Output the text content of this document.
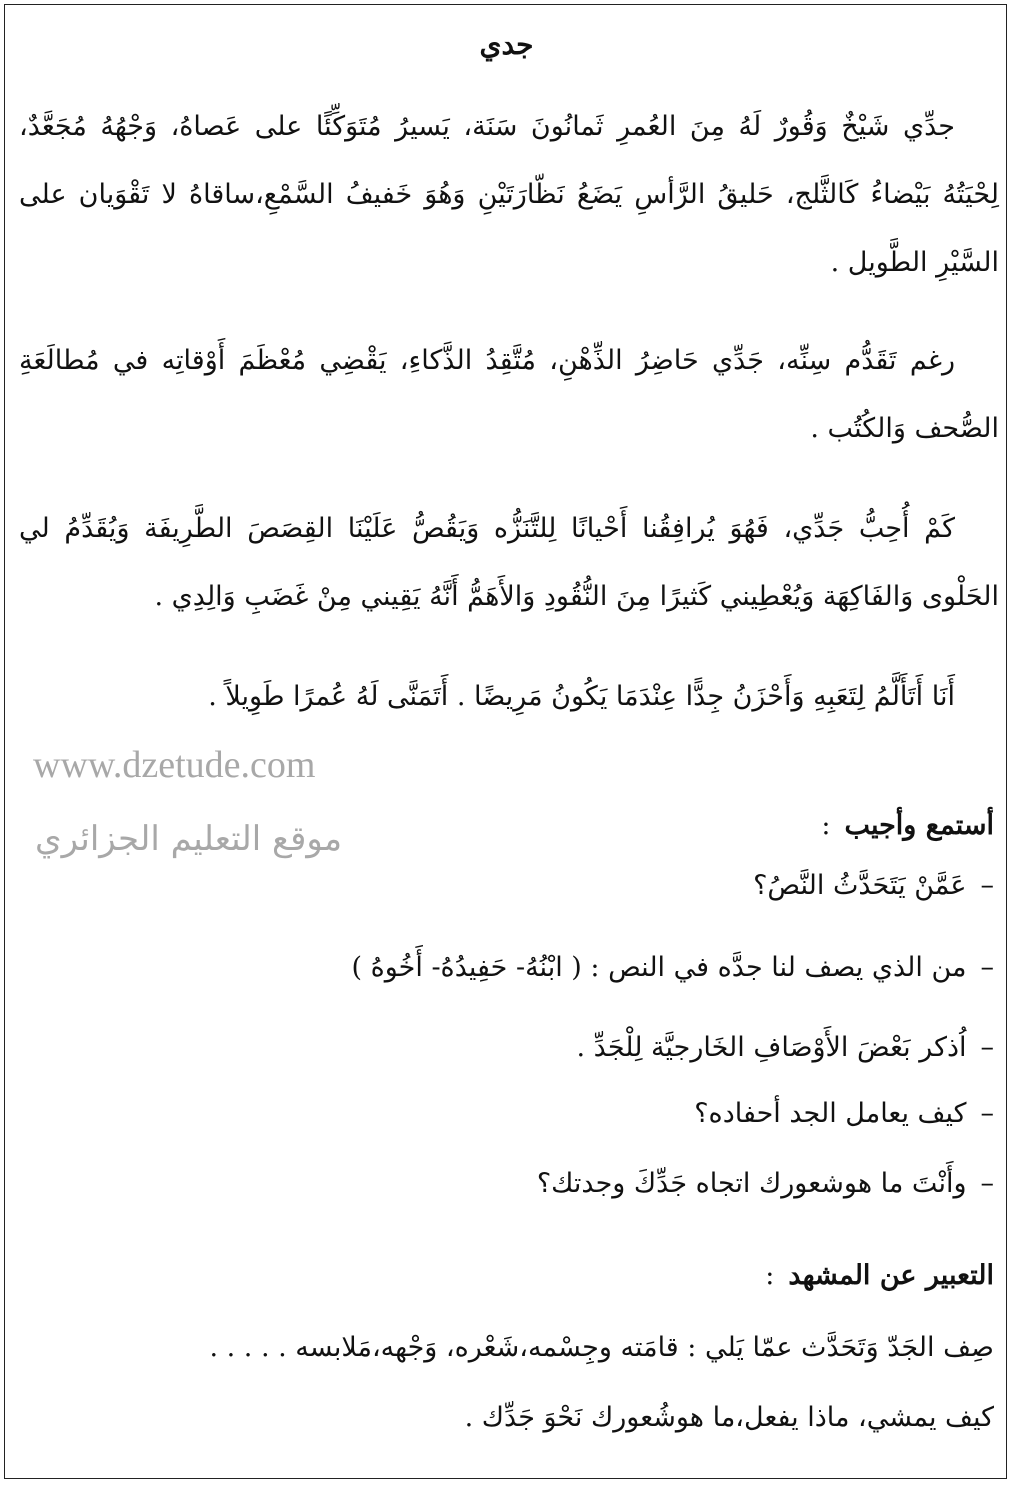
جدي

جدِّي شَيْخٌ وَقُورٌ لَهُ مِنَ العُمرِ ثَمانُونَ سَنَة، يَسيرُ مُتَوَكِّئًا على عَصاهُ، وَجْهُهُ مُجَعَّدٌ، لِحْيَتُهُ بَيْضاءُ كَالثَّلج، حَليقُ الرَّأسِ يَضَعُ نَظّارَتَيْنِ وَهُوَ خَفيفُ السَّمْعِ،ساقاهُ لا تَقْوَيان على السَّيْرِ الطَّويل .

رغم تَقَدُّم سِنِّه، جَدِّي حَاضِرُ الذِّهْنِ، مُتَّقِدُ الذَّكاءِ، يَقْضِي مُعْظَمَ أَوْقاتِه في مُطالَعَةِ الصُّحف وَالكُتُب .

كَمْ أُحِبُّ جَدِّي، فَهُوَ يُرافِقُنا أَحْيانًا لِلتَّنَزُّه وَيَقُصُّ عَلَيْنَا القِصَصَ الطَّرِيفَة وَيُقَدِّمُ لي الحَلْوى وَالفَاكِهَة وَيُعْطِيني كَثيرًا مِنَ النُّقُودِ وَالأَهَمُّ أَنَّهُ يَقِيني مِنْ غَضَبِ وَالِدِي .

أَنَا أَتَأَلَّمُ لِتَعَبِهِ وَأَحْزَنُ جِدًّا عِنْدَمَا يَكُونُ مَرِيضًا . أَتَمَنَّى لَهُ عُمرًا طَوِيلاً .

www.dzetude.com
موقع التعليم الجزائري	أستمع وأجيب:
–عَمَّنْ يَتَحَدَّثُ النَّصُ؟
–من الذي يصف لنا جدَّه في النص : ( ابْنُهُ- حَفِيدُهُ- أَخُوهُ )
–اُذكر بَعْضَ الأَوْصَافِ الخَارجيَّة لِلْجَدِّ .
–كيف يعامل الجد أحفاده؟
–وأَنْتَ ما هوشعورك اتجاه جَدِّكَ وجدتك؟
التعبير عن المشهد:
صِف الجَدّ وَتَحَدَّث عمّا يَلي : قامَته وجِسْمه،شَعْره، وَجْهه،مَلابسه . . . . .
كيف يمشي، ماذا يفعل،ما هوشُعورك نَحْوَ جَدِّك .
